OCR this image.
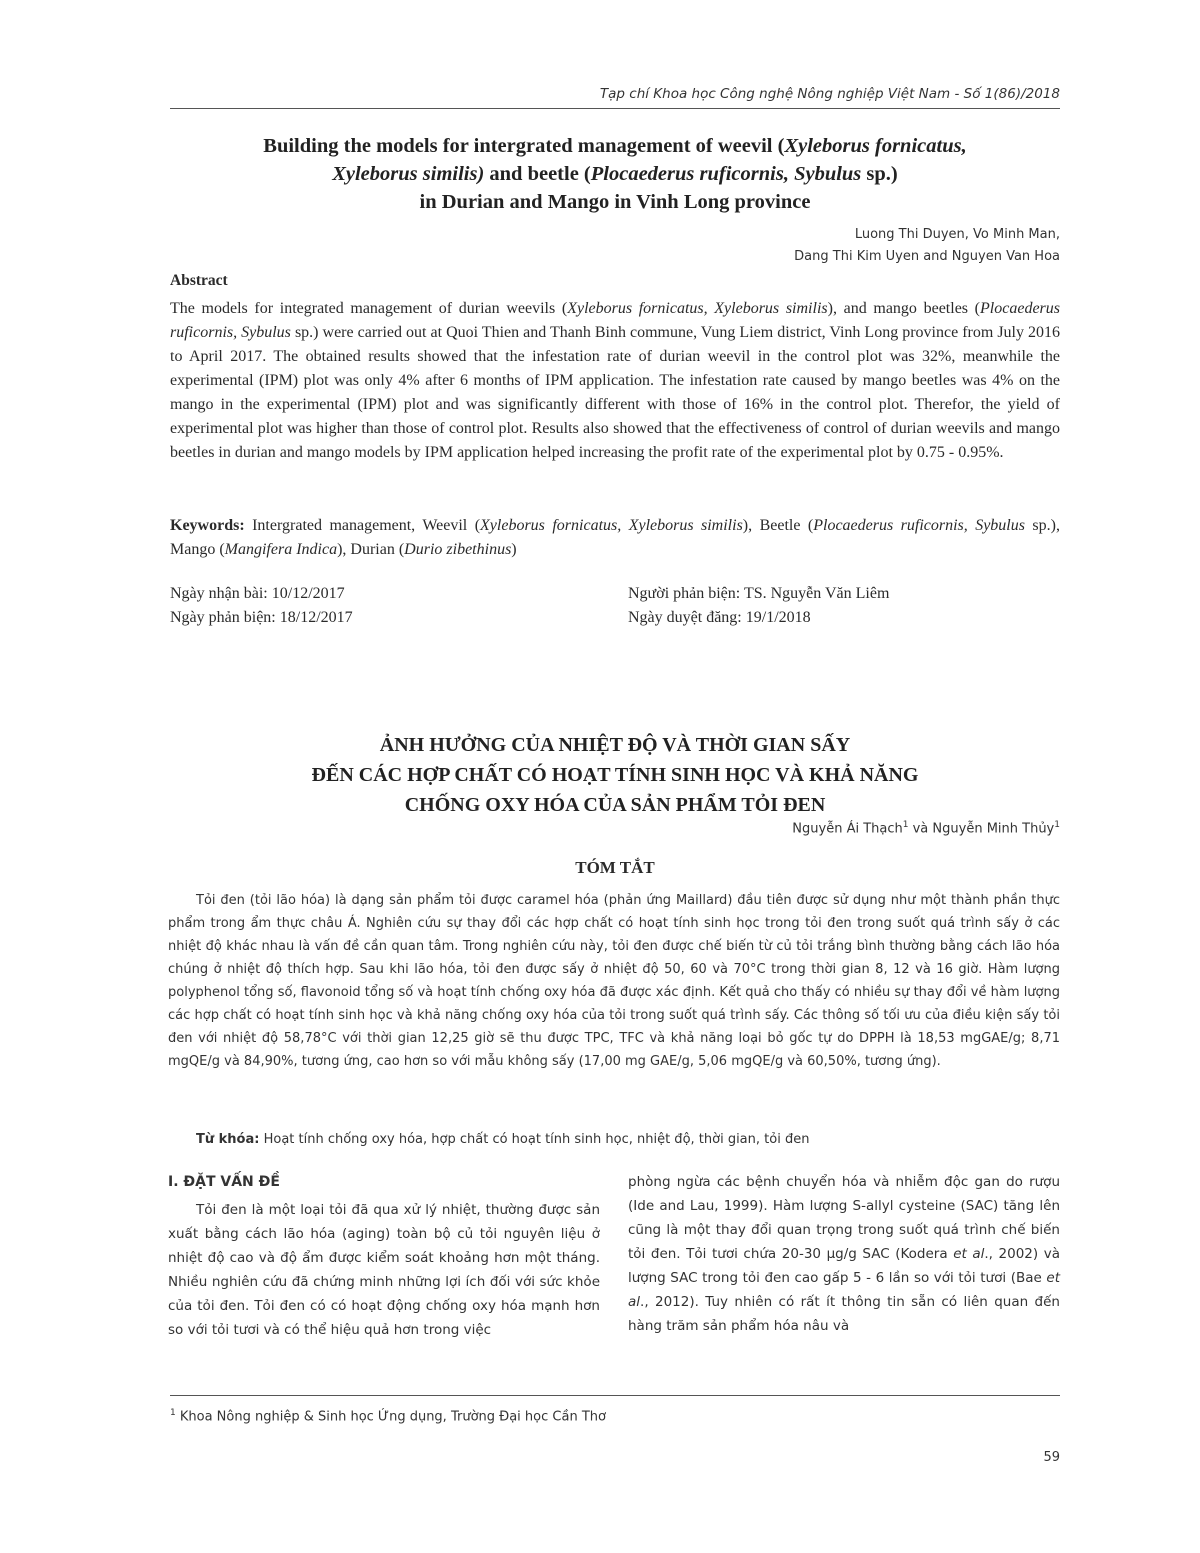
Tạp chí Khoa học Công nghệ Nông nghiệp Việt Nam - Số 1(86)/2018
Building the models for intergrated management of weevil (Xyleborus fornicatus,
Xyleborus similis) and beetle (Plocaederus ruficornis, Sybulus sp.)
in Durian and Mango in Vinh Long province
Luong Thi Duyen, Vo Minh Man,
Dang Thi Kim Uyen and Nguyen Van Hoa
Abstract
The models for integrated management of durian weevils (Xyleborus fornicatus, Xyleborus similis), and mango beetles (Plocaederus ruficornis, Sybulus sp.) were carried out at Quoi Thien and Thanh Binh commune, Vung Liem district, Vinh Long province from July 2016 to April 2017. The obtained results showed that the infestation rate of durian weevil in the control plot was 32%, meanwhile the experimental (IPM) plot was only 4% after 6 months of IPM application. The infestation rate caused by mango beetles was 4% on the mango in the experimental (IPM) plot and was significantly different with those of 16% in the control plot. Therefor, the yield of experimental plot was higher than those of control plot. Results also showed that the effectiveness of control of durian weevils and mango beetles in durian and mango models by IPM application helped increasing the profit rate of the experimental plot by 0.75 - 0.95%.
Keywords: Intergrated management, Weevil (Xyleborus fornicatus, Xyleborus similis), Beetle (Plocaederus ruficornis, Sybulus sp.), Mango (Mangifera Indica), Durian (Durio zibethinus)
Ngày nhận bài: 10/12/2017
Ngày phản biện: 18/12/2017
Người phản biện: TS. Nguyễn Văn Liêm
Ngày duyệt đăng: 19/1/2018
ẢNH HƯỞNG CỦA NHIỆT ĐỘ VÀ THỜI GIAN SẤY
ĐẾN CÁC HỢP CHẤT CÓ HOẠT TÍNH SINH HỌC VÀ KHẢ NĂNG
CHỐNG OXY HÓA CỦA SẢN PHẨM TỎI ĐEN
Nguyễn Ái Thạch$^1$ và Nguyễn Minh Thủy$^1$
TÓM TẮT
Tỏi đen (tỏi lão hóa) là dạng sản phẩm tỏi được caramel hóa (phản ứng Maillard) đầu tiên được sử dụng như một thành phần thực phẩm trong ẩm thực châu Á. Nghiên cứu sự thay đổi các hợp chất có hoạt tính sinh học trong tỏi đen trong suốt quá trình sấy ở các nhiệt độ khác nhau là vấn đề cần quan tâm. Trong nghiên cứu này, tỏi đen được chế biến từ củ tỏi trắng bình thường bằng cách lão hóa chúng ở nhiệt độ thích hợp. Sau khi lão hóa, tỏi đen được sấy ở nhiệt độ 50, 60 và 70°C trong thời gian 8, 12 và 16 giờ. Hàm lượng polyphenol tổng số, flavonoid tổng số và hoạt tính chống oxy hóa đã được xác định. Kết quả cho thấy có nhiều sự thay đổi về hàm lượng các hợp chất có hoạt tính sinh học và khả năng chống oxy hóa của tỏi trong suốt quá trình sấy. Các thông số tối ưu của điều kiện sấy tỏi đen với nhiệt độ 58,78°C với thời gian 12,25 giờ sẽ thu được TPC, TFC và khả năng loại bỏ gốc tự do DPPH là 18,53 mgGAE/g; 8,71 mgQE/g và 84,90%, tương ứng, cao hơn so với mẫu không sấy (17,00 mg GAE/g, 5,06 mgQE/g và 60,50%, tương ứng).
Từ khóa: Hoạt tính chống oxy hóa, hợp chất có hoạt tính sinh học, nhiệt độ, thời gian, tỏi đen
I. ĐẶT VẤN ĐỀ

Tỏi đen là một loại tỏi đã qua xử lý nhiệt, thường được sản xuất bằng cách lão hóa (aging) toàn bộ củ tỏi nguyên liệu ở nhiệt độ cao và độ ẩm được kiểm soát khoảng hơn một tháng. Nhiều nghiên cứu đã chứng minh những lợi ích đối với sức khỏe của tỏi đen. Tỏi đen có có hoạt động chống oxy hóa mạnh hơn so với tỏi tươi và có thể hiệu quả hơn trong việc

phòng ngừa các bệnh chuyển hóa và nhiễm độc gan do rượu (Ide and Lau, 1999). Hàm lượng S-allyl cysteine (SAC) tăng lên cũng là một thay đổi quan trọng trong suốt quá trình chế biến tỏi đen. Tỏi tươi chứa 20-30 µg/g SAC (Kodera et al., 2002) và lượng SAC trong tỏi đen cao gấp 5 - 6 lần so với tỏi tươi (Bae et al., 2012). Tuy nhiên có rất ít thông tin sẵn có liên quan đến hàng trăm sản phẩm hóa nâu và

$^1$ Khoa Nông nghiệp & Sinh học Ứng dụng, Trường Đại học Cần Thơ
59
